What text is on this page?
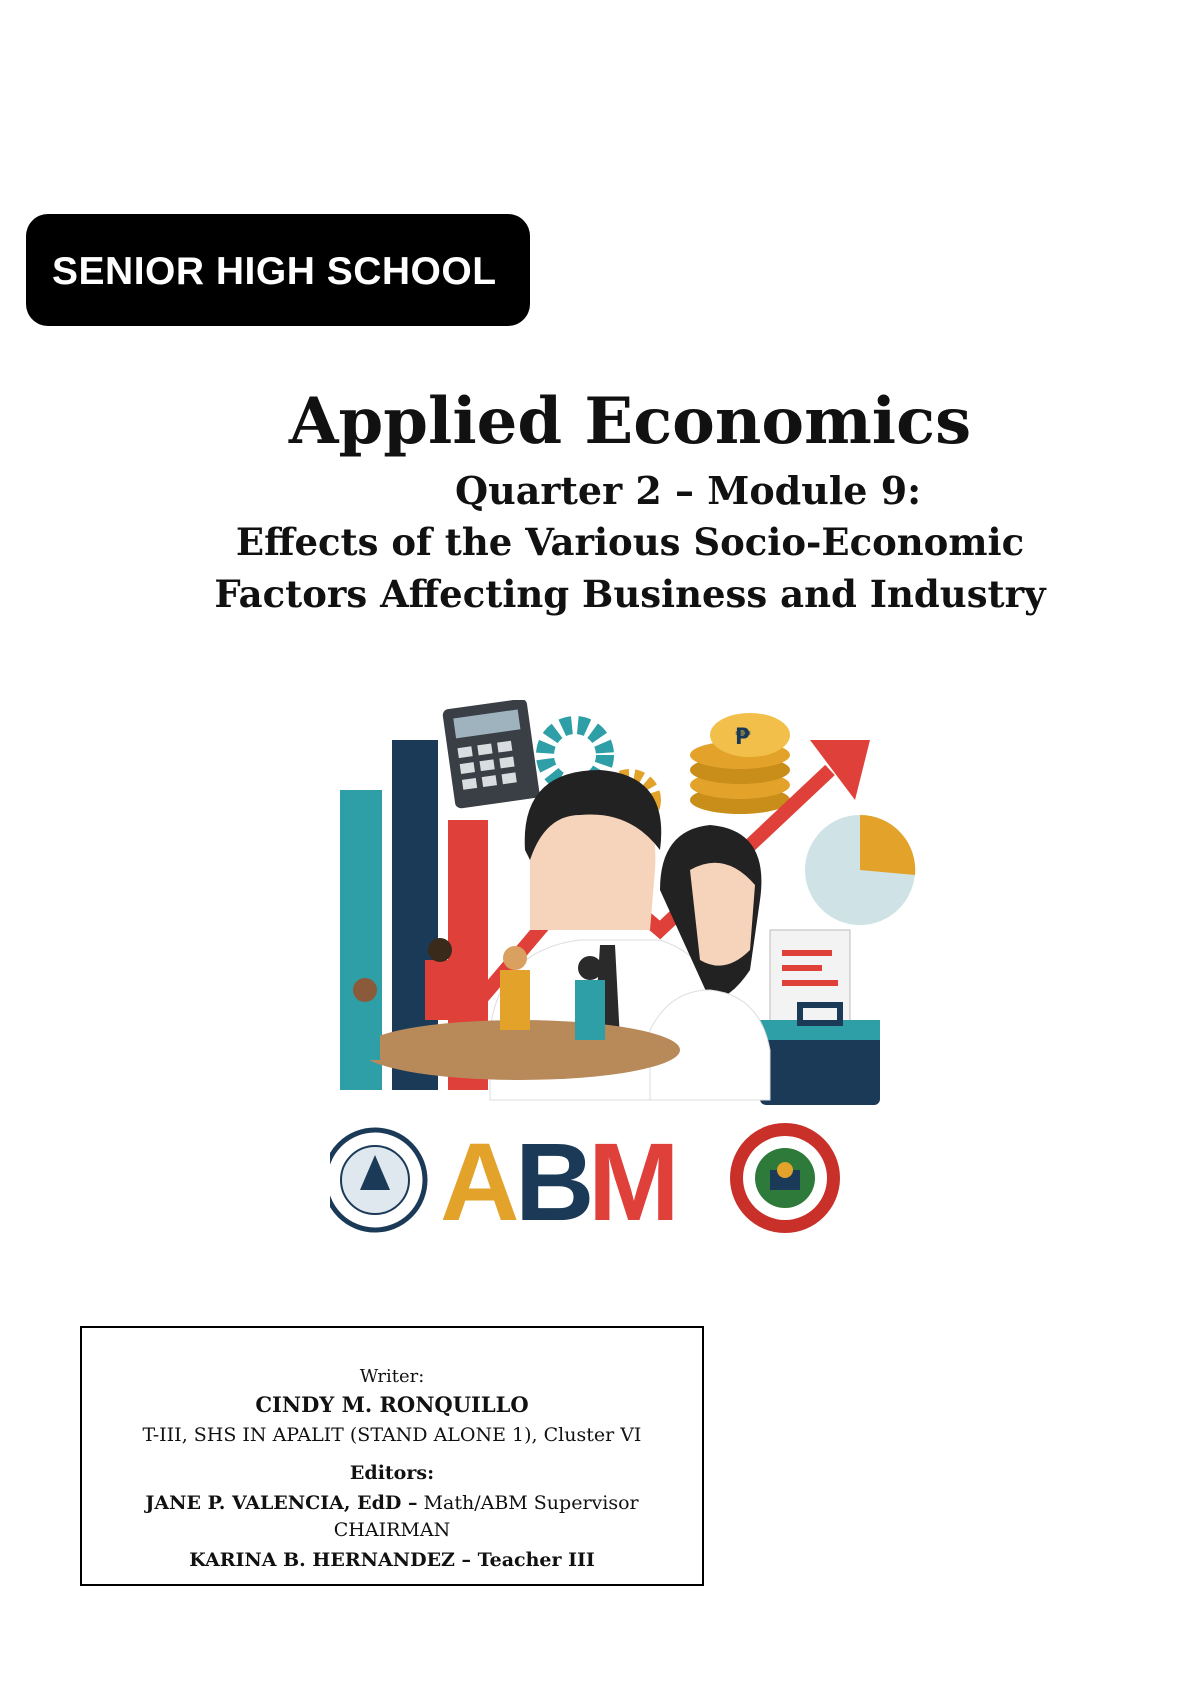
SENIOR HIGH SCHOOL
Applied Economics
Quarter 2 – Module 9:
Effects of the Various Socio-Economic
Factors Affecting Business and Industry
₱
A
B
M
Writer:
CINDY M. RONQUILLO
T-III, SHS IN APALIT (STAND ALONE 1), Cluster VI
Editors:
JANE P. VALENCIA, EdD – Math/ABM Supervisor
CHAIRMAN
KARINA B. HERNANDEZ – Teacher III
